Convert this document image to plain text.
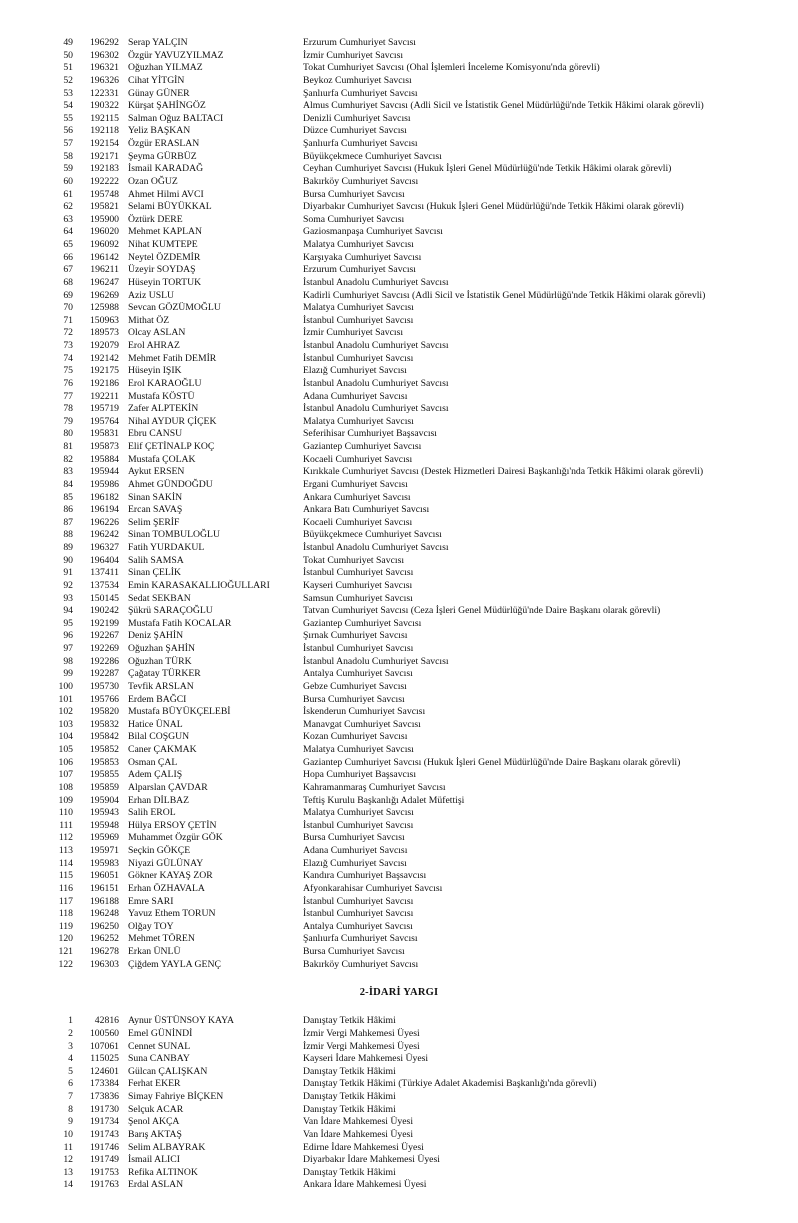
49	196292 Serap YALÇIN	Erzurum Cumhuriyet Savcısı
50	196302 Özgür YAVUZYILMAZ	İzmir Cumhuriyet Savcısı
51	196321 Oğuzhan YILMAZ	Tokat Cumhuriyet Savcısı (Ohal İşlemleri İnceleme Komisyonu'nda görevli)
52	196326 Cihat YİTGİN	Beykoz Cumhuriyet Savcısı
53	122331 Günay GÜNER	Şanlıurfa Cumhuriyet Savcısı
54	190322 Kürşat ŞAHİNGÖZ	Almus Cumhuriyet Savcısı (Adli Sicil ve İstatistik Genel Müdürlüğü'nde Tetkik Hâkimi olarak görevli)
55	192115 Salman Oğuz BALTACI	Denizli Cumhuriyet Savcısı
56	192118 Yeliz BAŞKAN	Düzce Cumhuriyet Savcısı
57	192154 Özgür ERASLAN	Şanlıurfa Cumhuriyet Savcısı
58	192171 Şeyma GÜRBÜZ	Büyükçekmece Cumhuriyet Savcısı
59	192183 İsmail KARADAĞ	Ceyhan Cumhuriyet Savcısı (Hukuk İşleri Genel Müdürlüğü'nde Tetkik Hâkimi olarak görevli)
60	192222 Ozan OĞUZ	Bakırköy Cumhuriyet Savcısı
61	195748 Ahmet Hilmi AVCI	Bursa Cumhuriyet Savcısı
62	195821 Selami BÜYÜKKAL	Diyarbakır Cumhuriyet Savcısı (Hukuk İşleri Genel Müdürlüğü'nde Tetkik Hâkimi olarak görevli)
63	195900 Öztürk DERE	Soma Cumhuriyet Savcısı
64	196020 Mehmet KAPLAN	Gaziosmanpaşa Cumhuriyet Savcısı
65	196092 Nihat KUMTEPE	Malatya Cumhuriyet Savcısı
66	196142 Neytel ÖZDEMİR	Karşıyaka Cumhuriyet Savcısı
67	196211 Üzeyir SOYDAŞ	Erzurum Cumhuriyet Savcısı
68	196247 Hüseyin TORTUK	İstanbul Anadolu Cumhuriyet Savcısı
69	196269 Aziz USLU	Kadirli Cumhuriyet Savcısı (Adli Sicil ve İstatistik Genel Müdürlüğü'nde Tetkik Hâkimi olarak görevli)
70	125988 Sevcan GÖZÜMOĞLU	Malatya Cumhuriyet Savcısı
71	150963 Mithat ÖZ	İstanbul Cumhuriyet Savcısı
72	189573 Olcay ASLAN	İzmir Cumhuriyet Savcısı
73	192079 Erol AHRAZ	İstanbul Anadolu Cumhuriyet Savcısı
74	192142 Mehmet Fatih DEMİR	İstanbul Cumhuriyet Savcısı
75	192175 Hüseyin IŞIK	Elazığ Cumhuriyet Savcısı
76	192186 Erol KARAOĞLU	İstanbul Anadolu Cumhuriyet Savcısı
77	192211 Mustafa KÖSTÜ	Adana Cumhuriyet Savcısı
78	195719 Zafer ALPTEKİN	İstanbul Anadolu Cumhuriyet Savcısı
79	195764 Nihal AYDUR ÇİÇEK	Malatya Cumhuriyet Savcısı
80	195831 Ebru CANSU	Seferihisar Cumhuriyet Başsavcısı
81	195873 Elif ÇETİNALP KOÇ	Gaziantep Cumhuriyet Savcısı
82	195884 Mustafa ÇOLAK	Kocaeli Cumhuriyet Savcısı
83	195944 Aykut ERSEN	Kırıkkale Cumhuriyet Savcısı (Destek Hizmetleri Dairesi Başkanlığı'nda Tetkik Hâkimi olarak görevli)
84	195986 Ahmet GÜNDOĞDU	Ergani Cumhuriyet Savcısı
85	196182 Sinan SAKİN	Ankara Cumhuriyet Savcısı
86	196194 Ercan SAVAŞ	Ankara Batı Cumhuriyet Savcısı
87	196226 Selim ŞERİF	Kocaeli Cumhuriyet Savcısı
88	196242 Sinan TOMBULOĞLU	Büyükçekmece Cumhuriyet Savcısı
89	196327 Fatih YURDAKUL	İstanbul Anadolu Cumhuriyet Savcısı
90	196404 Salih SAMSA	Tokat Cumhuriyet Savcısı
91	137411 Sinan ÇELİK	İstanbul Cumhuriyet Savcısı
92	137534 Emin KARASAKALLIOĞULLARI	Kayseri Cumhuriyet Savcısı
93	150145 Sedat SEKBAN	Samsun Cumhuriyet Savcısı
94	190242 Şükrü SARAÇOĞLU	Tatvan Cumhuriyet Savcısı (Ceza İşleri Genel Müdürlüğü'nde Daire Başkanı olarak görevli)
95	192199 Mustafa Fatih KOCALAR	Gaziantep Cumhuriyet Savcısı
96	192267 Deniz ŞAHİN	Şırnak Cumhuriyet Savcısı
97	192269 Oğuzhan ŞAHİN	İstanbul Cumhuriyet Savcısı
98	192286 Oğuzhan TÜRK	İstanbul Anadolu Cumhuriyet Savcısı
99	192287 Çağatay TÜRKER	Antalya Cumhuriyet Savcısı
100	195730 Tevfik ARSLAN	Gebze Cumhuriyet Savcısı
101	195766 Erdem BAĞCI	Bursa Cumhuriyet Savcısı
102	195820 Mustafa BÜYÜKÇELEBİ	İskenderun Cumhuriyet Savcısı
103	195832 Hatice ÜNAL	Manavgat Cumhuriyet Savcısı
104	195842 Bilal COŞGUN	Kozan Cumhuriyet Savcısı
105	195852 Caner ÇAKMAK	Malatya Cumhuriyet Savcısı
106	195853 Osman ÇAL	Gaziantep Cumhuriyet Savcısı (Hukuk İşleri Genel Müdürlüğü'nde Daire Başkanı olarak görevli)
107	195855 Adem ÇALIŞ	Hopa Cumhuriyet Başsavcısı
108	195859 Alparslan ÇAVDAR	Kahramanmaraş Cumhuriyet Savcısı
109	195904 Erhan DİLBAZ	Teftiş Kurulu Başkanlığı Adalet Müfettişi
110	195943 Salih EROL	Malatya Cumhuriyet Savcısı
111	195948 Hülya ERSOY ÇETİN	İstanbul Cumhuriyet Savcısı
112	195969 Muhammet Özgür GÖK	Bursa Cumhuriyet Savcısı
113	195971 Seçkin GÖKÇE	Adana Cumhuriyet Savcısı
114	195983 Niyazi GÜLÜNAY	Elazığ Cumhuriyet Savcısı
115	196051 Gökner KAYAŞ ZOR	Kandıra Cumhuriyet Başsavcısı
116	196151 Erhan ÖZHAVALA	Afyonkarahisar Cumhuriyet Savcısı
117	196188 Emre SARI	İstanbul Cumhuriyet Savcısı
118	196248 Yavuz Ethem TORUN	İstanbul Cumhuriyet Savcısı
119	196250 Olğay TOY	Antalya Cumhuriyet Savcısı
120	196252 Mehmet TÖREN	Şanlıurfa Cumhuriyet Savcısı
121	196278 Erkan ÜNLÜ	Bursa Cumhuriyet Savcısı
122	196303 Çiğdem YAYLA GENÇ	Bakırköy Cumhuriyet Savcısı
2-İDARİ YARGI
1	42816 Aynur ÜSTÜNSOY KAYA	Danıştay Tetkik Hâkimi
2	100560 Emel GÜNİNDİ	İzmir Vergi Mahkemesi Üyesi
3	107061 Cennet SUNAL	İzmir Vergi Mahkemesi Üyesi
4	115025 Suna CANBAY	Kayseri İdare Mahkemesi Üyesi
5	124601 Gülcan ÇALIŞKAN	Danıştay Tetkik Hâkimi
6	173384 Ferhat EKER	Danıştay Tetkik Hâkimi (Türkiye Adalet Akademisi Başkanlığı'nda görevli)
7	173836 Simay Fahriye BİÇKEN	Danıştay Tetkik Hâkimi
8	191730 Selçuk ACAR	Danıştay Tetkik Hâkimi
9	191734 Şenol AKÇA	Van İdare Mahkemesi Üyesi
10	191743 Barış AKTAŞ	Van İdare Mahkemesi Üyesi
11	191746 Selim ALBAYRAK	Edirne İdare Mahkemesi Üyesi
12	191749 İsmail ALICI	Diyarbakır İdare Mahkemesi Üyesi
13	191753 Refika ALTINOK	Danıştay Tetkik Hâkimi
14	191763 Erdal ASLAN	Ankara İdare Mahkemesi Üyesi
